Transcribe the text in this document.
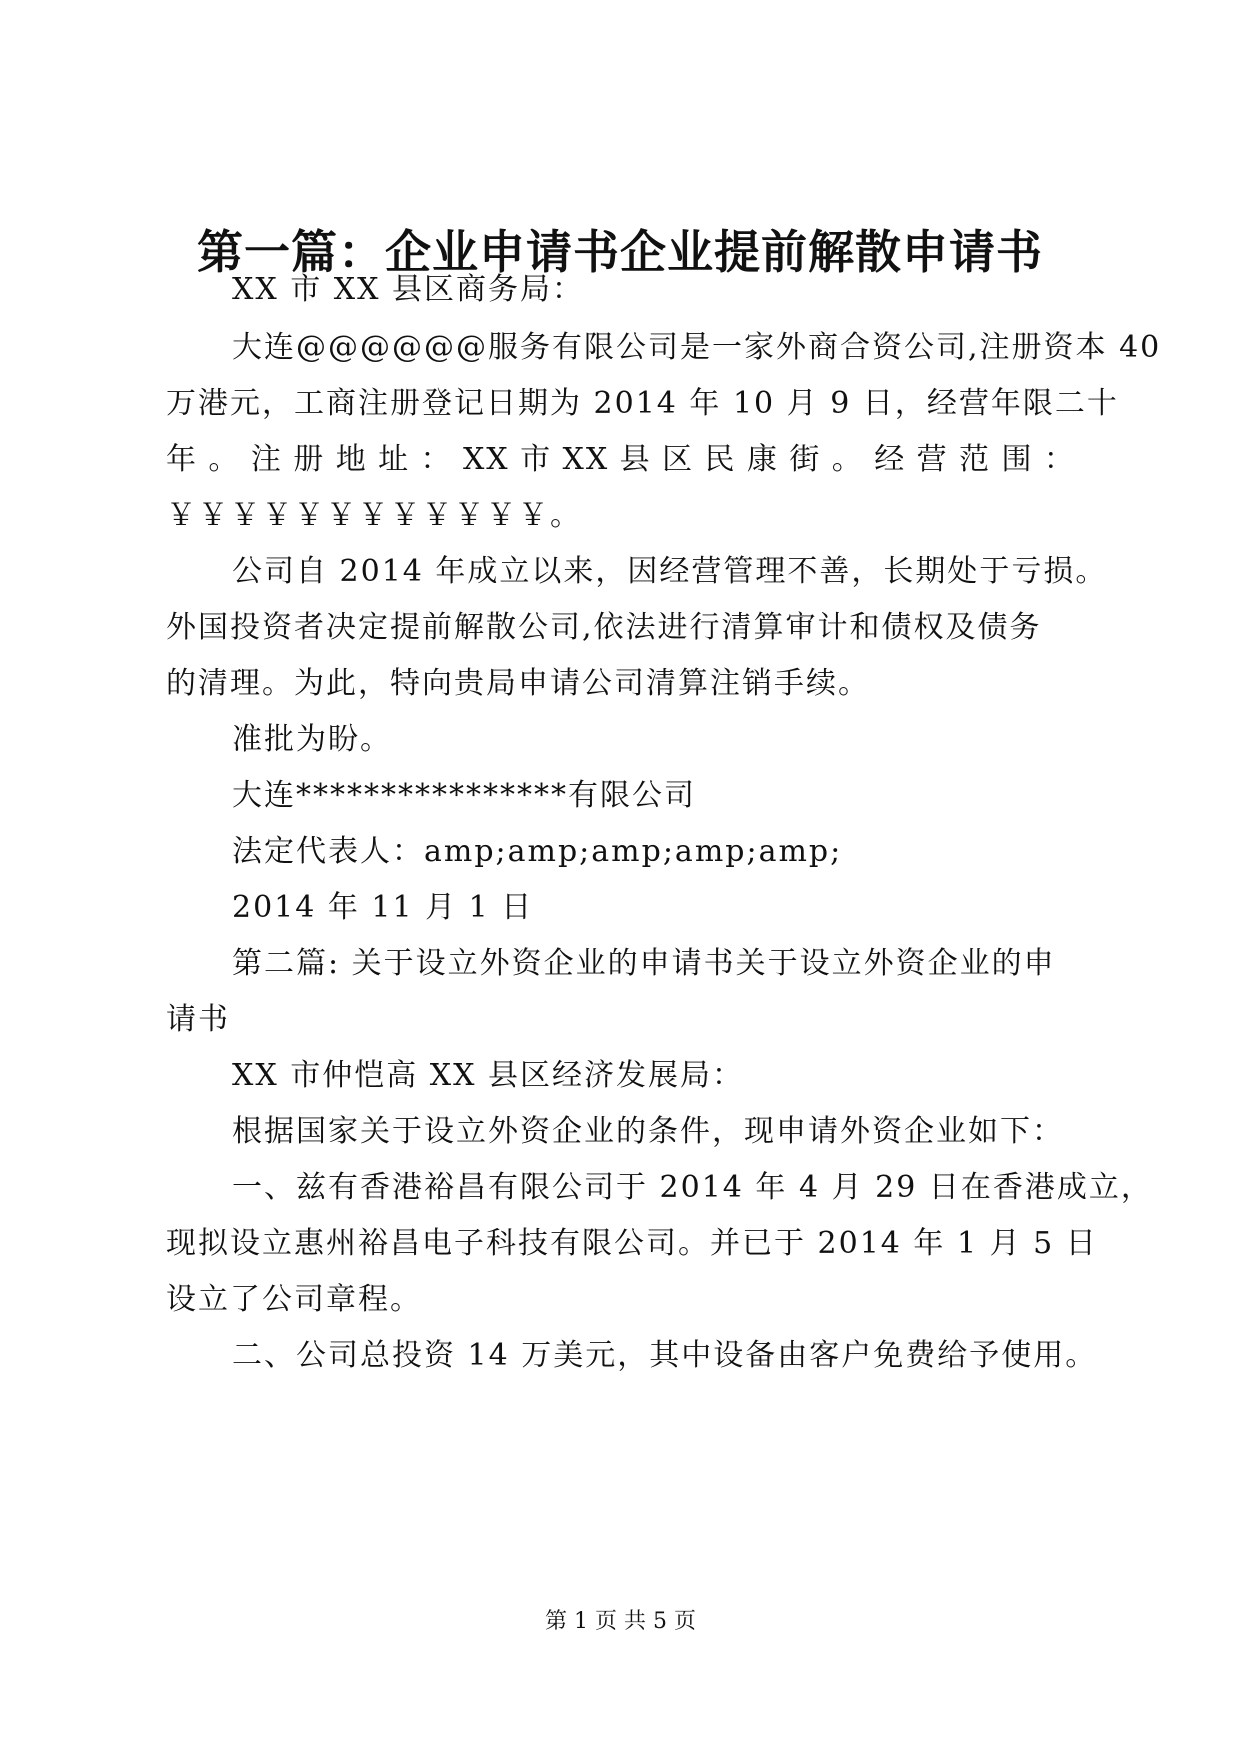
第一篇：企业申请书企业提前解散申请书
XX 市 XX 县区商务局：
大连@@@@@@服务有限公司是一家外商合资公司,注册资本 40
万港元，工商注册登记日期为 2014 年 10 月 9 日，经营年限二十
年 。 注 册 地 址 ： XX 市 XX 县 区 民 康 街 。 经 营 范 围 ：
￥￥￥￥￥￥￥￥￥￥￥￥。
公司自 2014 年成立以来，因经营管理不善，长期处于亏损。
外国投资者决定提前解散公司,依法进行清算审计和债权及债务
的清理。为此，特向贵局申请公司清算注销手续。
准批为盼。
大连****************有限公司
法定代表人：amp;amp;amp;amp;amp;
2014 年 11 月 1 日
第二篇: 关于设立外资企业的申请书关于设立外资企业的申
请书
XX 市仲恺高 XX 县区经济发展局：
根据国家关于设立外资企业的条件，现申请外资企业如下：
一、兹有香港裕昌有限公司于 2014 年 4 月 29 日在香港成立，
现拟设立惠州裕昌电子科技有限公司。并已于 2014 年 1 月 5 日
设立了公司章程。
二、公司总投资 14 万美元，其中设备由客户免费给予使用。
第 1 页 共 5 页
